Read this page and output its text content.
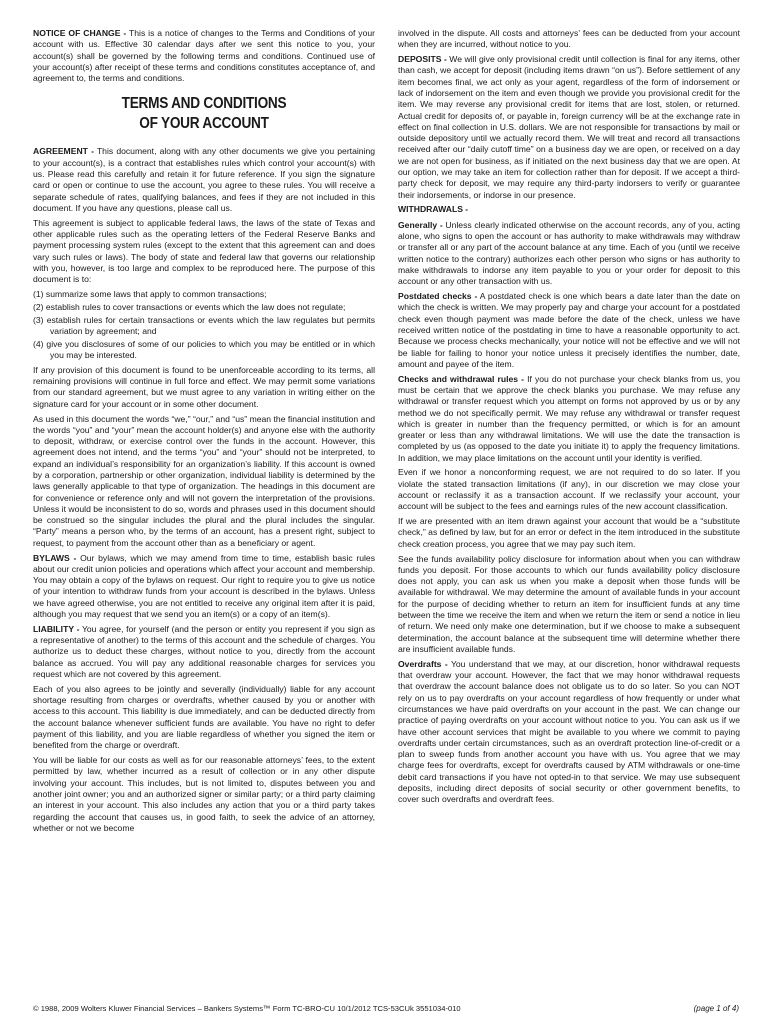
NOTICE OF CHANGE - This is a notice of changes to the Terms and Conditions of your account with us. Effective 30 calendar days after we sent this notice to you, your account(s) shall be governed by the following terms and conditions. Continued use of your account(s) after receipt of these terms and conditions constitutes acceptance of, and agreement to, the terms and conditions.

TERMS AND CONDITIONS
OF YOUR ACCOUNT

AGREEMENT - This document, along with any other documents we give you pertaining to your account(s), is a contract that establishes rules which control your account(s) with us. Please read this carefully and retain it for future reference. If you sign the signature card or open or continue to use the account, you agree to these rules. You will receive a separate schedule of rates, qualifying balances, and fees if they are not included in this document. If you have any questions, please call us.

This agreement is subject to applicable federal laws, the laws of the state of Texas and other applicable rules such as the operating letters of the Federal Reserve Banks and payment processing system rules (except to the extent that this agreement can and does vary such rules or laws). The body of state and federal law that governs our relationship with you, however, is too large and complex to be reproduced here. The purpose of this document is to:

(1) summarize some laws that apply to common transactions;
(2) establish rules to cover transactions or events which the law does not regulate;
(3) establish rules for certain transactions or events which the law regulates but permits variation by agreement; and
(4) give you disclosures of some of our policies to which you may be entitled or in which you may be interested.

If any provision of this document is found to be unenforceable according to its terms, all remaining provisions will continue in full force and effect. We may permit some variations from our standard agreement, but we must agree to any variation in writing either on the signature card for your account or in some other document.

As used in this document the words “we,” “our,” and “us” mean the financial institution and the words “you” and “your” mean the account holder(s) and anyone else with the authority to deposit, withdraw, or exercise control over the funds in the account. However, this agreement does not intend, and the terms “you” and “your” should not be interpreted, to expand an individual’s responsibility for an organization’s liability. If this account is owned by a corporation, partnership or other organization, individual liability is determined by the laws generally applicable to that type of organization. The headings in this document are for convenience or reference only and will not govern the interpretation of the provisions. Unless it would be inconsistent to do so, words and phrases used in this document should be construed so the singular includes the plural and the plural includes the singular. “Party” means a person who, by the terms of an account, has a present right, subject to request, to payment from the account other than as a beneficiary or agent.

BYLAWS - Our bylaws, which we may amend from time to time, establish basic rules about our credit union policies and operations which affect your account and membership. You may obtain a copy of the bylaws on request. Our right to require you to give us notice of your intention to withdraw funds from your account is described in the bylaws. Unless we have agreed otherwise, you are not entitled to receive any original item after it is paid, although you may request that we send you an item(s) or a copy of an item(s).

LIABILITY - You agree, for yourself (and the person or entity you represent if you sign as a representative of another) to the terms of this account and the schedule of charges. You authorize us to deduct these charges, without notice to you, directly from the account balance as accrued. You will pay any additional reasonable charges for services you request which are not covered by this agreement.

Each of you also agrees to be jointly and severally (individually) liable for any account shortage resulting from charges or overdrafts, whether caused by you or another with access to this account. This liability is due immediately, and can be deducted directly from the account balance whenever sufficient funds are available. You have no right to defer payment of this liability, and you are liable regardless of whether you signed the item or benefited from the charge or overdraft.

You will be liable for our costs as well as for our reasonable attorneys’ fees, to the extent permitted by law, whether incurred as a result of collection or in any other dispute involving your account. This includes, but is not limited to, disputes between you and another joint owner; you and an authorized signer or similar party; or a third party claiming an interest in your account. This also includes any action that you or a third party takes regarding the account that causes us, in good faith, to seek the advice of an attorney, whether or not we become

involved in the dispute. All costs and attorneys’ fees can be deducted from your account when they are incurred, without notice to you.

DEPOSITS - We will give only provisional credit until collection is final for any items, other than cash, we accept for deposit (including items drawn “on us”). Before settlement of any item becomes final, we act only as your agent, regardless of the form of indorsement or lack of indorsement on the item and even though we provide you provisional credit for the item. We may reverse any provisional credit for items that are lost, stolen, or returned. Actual credit for deposits of, or payable in, foreign currency will be at the exchange rate in effect on final collection in U.S. dollars. We are not responsible for transactions by mail or outside depository until we actually record them. We will treat and record all transactions received after our “daily cutoff time” on a business day we are open, or received on a day we are not open for business, as if initiated on the next business day that we are open. At our option, we may take an item for collection rather than for deposit. If we accept a third-party check for deposit, we may require any third-party indorsers to verify or guarantee their indorsements, or indorse in our presence.

WITHDRAWALS -

Generally - Unless clearly indicated otherwise on the account records, any of you, acting alone, who signs to open the account or has authority to make withdrawals may withdraw or transfer all or any part of the account balance at any time. Each of you (until we receive written notice to the contrary) authorizes each other person who signs or has authority to make withdrawals to indorse any item payable to you or your order for deposit to this account or any other transaction with us.

Postdated checks - A postdated check is one which bears a date later than the date on which the check is written. We may properly pay and charge your account for a postdated check even though payment was made before the date of the check, unless we have received written notice of the postdating in time to have a reasonable opportunity to act. Because we process checks mechanically, your notice will not be effective and we will not be liable for failing to honor your notice unless it precisely identifies the number, date, amount and payee of the item.

Checks and withdrawal rules - If you do not purchase your check blanks from us, you must be certain that we approve the check blanks you purchase. We may refuse any withdrawal or transfer request which you attempt on forms not approved by us or by any method we do not specifically permit. We may refuse any withdrawal or transfer request which is greater in number than the frequency permitted, or which is for an amount greater or less than any withdrawal limitations. We will use the date the transaction is completed by us (as opposed to the date you initiate it) to apply the frequency limitations. In addition, we may place limitations on the account until your identity is verified.

Even if we honor a nonconforming request, we are not required to do so later. If you violate the stated transaction limitations (if any), in our discretion we may close your account or reclassify it as a transaction account. If we reclassify your account, your account will be subject to the fees and earnings rules of the new account classification.

If we are presented with an item drawn against your account that would be a “substitute check,” as defined by law, but for an error or defect in the item introduced in the substitute check creation process, you agree that we may pay such item.

See the funds availability policy disclosure for information about when you can withdraw funds you deposit. For those accounts to which our funds availability policy disclosure does not apply, you can ask us when you make a deposit when those funds will be available for withdrawal. We may determine the amount of available funds in your account for the purpose of deciding whether to return an item for insufficient funds at any time between the time we receive the item and when we return the item or send a notice in lieu of return. We need only make one determination, but if we choose to make a subsequent determination, the account balance at the subsequent time will determine whether there are insufficient available funds.

Overdrafts - You understand that we may, at our discretion, honor withdrawal requests that overdraw your account. However, the fact that we may honor withdrawal requests that overdraw the account balance does not obligate us to do so later. So you can NOT rely on us to pay overdrafts on your account regardless of how frequently or under what circumstances we have paid overdrafts on your account in the past. We can change our practice of paying overdrafts on your account without notice to you. You can ask us if we have other account services that might be available to you where we commit to paying overdrafts under certain circumstances, such as an overdraft protection line-of-credit or a plan to sweep funds from another account you have with us. You agree that we may charge fees for overdrafts, except for overdrafts caused by ATM withdrawals or one-time debit card transactions if you have not opted-in to that service. We may use subsequent deposits, including direct deposits of social security or other government benefits, to cover such overdrafts and overdraft fees.

© 1988, 2009 Wolters Kluwer Financial Services – Bankers Systems™ Form TC-BRO-CU 10/1/2012 TCS-53CUk 3551034-010	(page 1 of 4)
